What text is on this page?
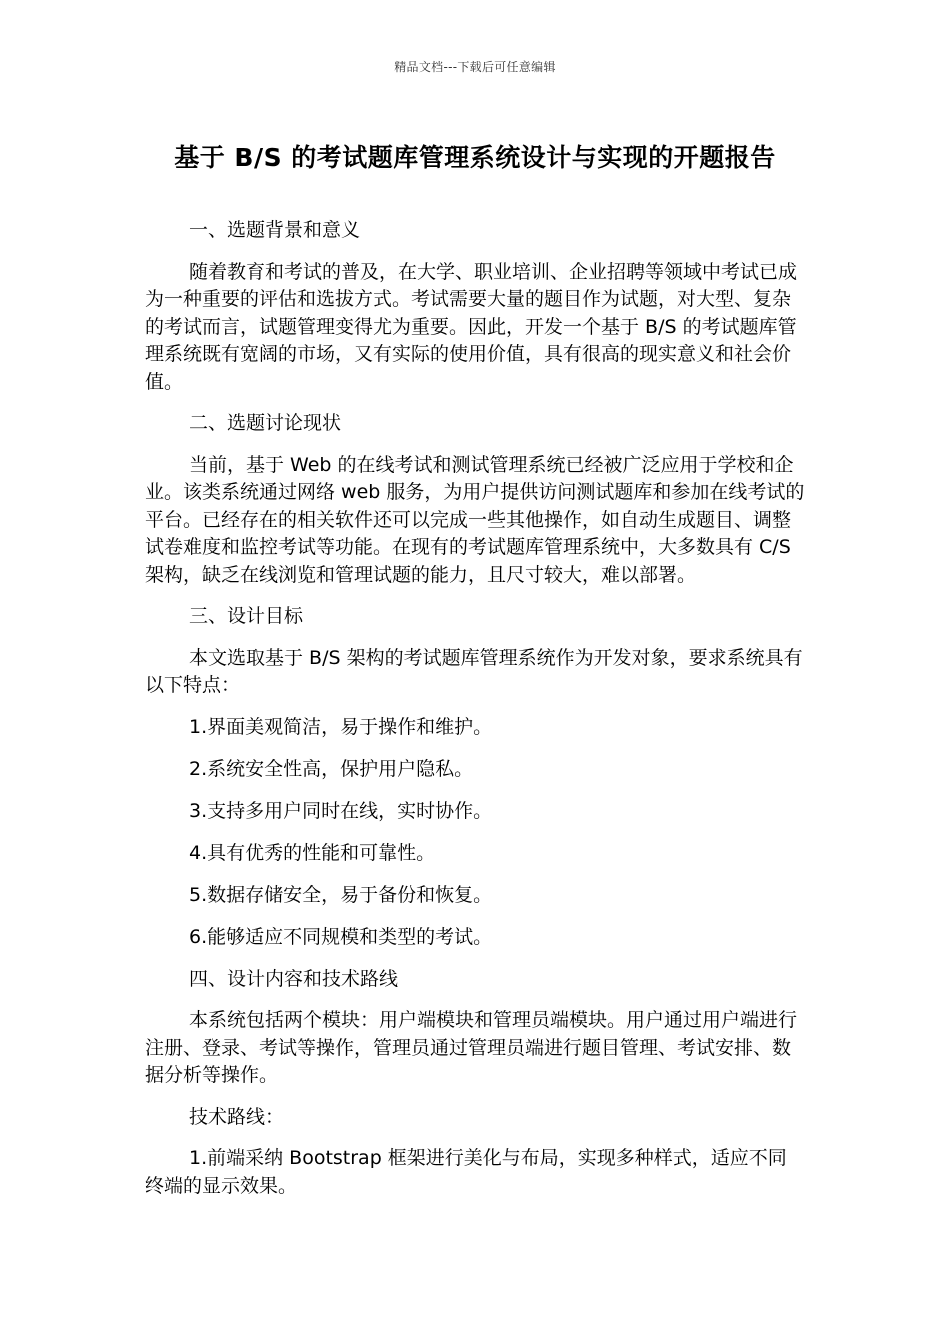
精品文档---下载后可任意编辑
基于 B/S 的考试题库管理系统设计与实现的开题报告

一、选题背景和意义

随着教育和考试的普及，在大学、职业培训、企业招聘等领域中考试已成为一种重要的评估和选拔方式。考试需要大量的题目作为试题，对大型、复杂的考试而言，试题管理变得尤为重要。因此，开发一个基于 B/S 的考试题库管理系统既有宽阔的市场，又有实际的使用价值，具有很高的现实意义和社会价值。

二、选题讨论现状

当前，基于 Web 的在线考试和测试管理系统已经被广泛应用于学校和企业。该类系统通过网络 web 服务，为用户提供访问测试题库和参加在线考试的平台。已经存在的相关软件还可以完成一些其他操作，如自动生成题目、调整试卷难度和监控考试等功能。在现有的考试题库管理系统中，大多数具有 C/S 架构，缺乏在线浏览和管理试题的能力，且尺寸较大，难以部署。

三、设计目标

本文选取基于 B/S 架构的考试题库管理系统作为开发对象，要求系统具有以下特点：

1.界面美观简洁，易于操作和维护。

2.系统安全性高，保护用户隐私。

3.支持多用户同时在线，实时协作。

4.具有优秀的性能和可靠性。

5.数据存储安全，易于备份和恢复。

6.能够适应不同规模和类型的考试。

四、设计内容和技术路线

本系统包括两个模块：用户端模块和管理员端模块。用户通过用户端进行注册、登录、考试等操作，管理员通过管理员端进行题目管理、考试安排、数据分析等操作。

技术路线：

1.前端采纳 Bootstrap 框架进行美化与布局，实现多种样式，适应不同终端的显示效果。
